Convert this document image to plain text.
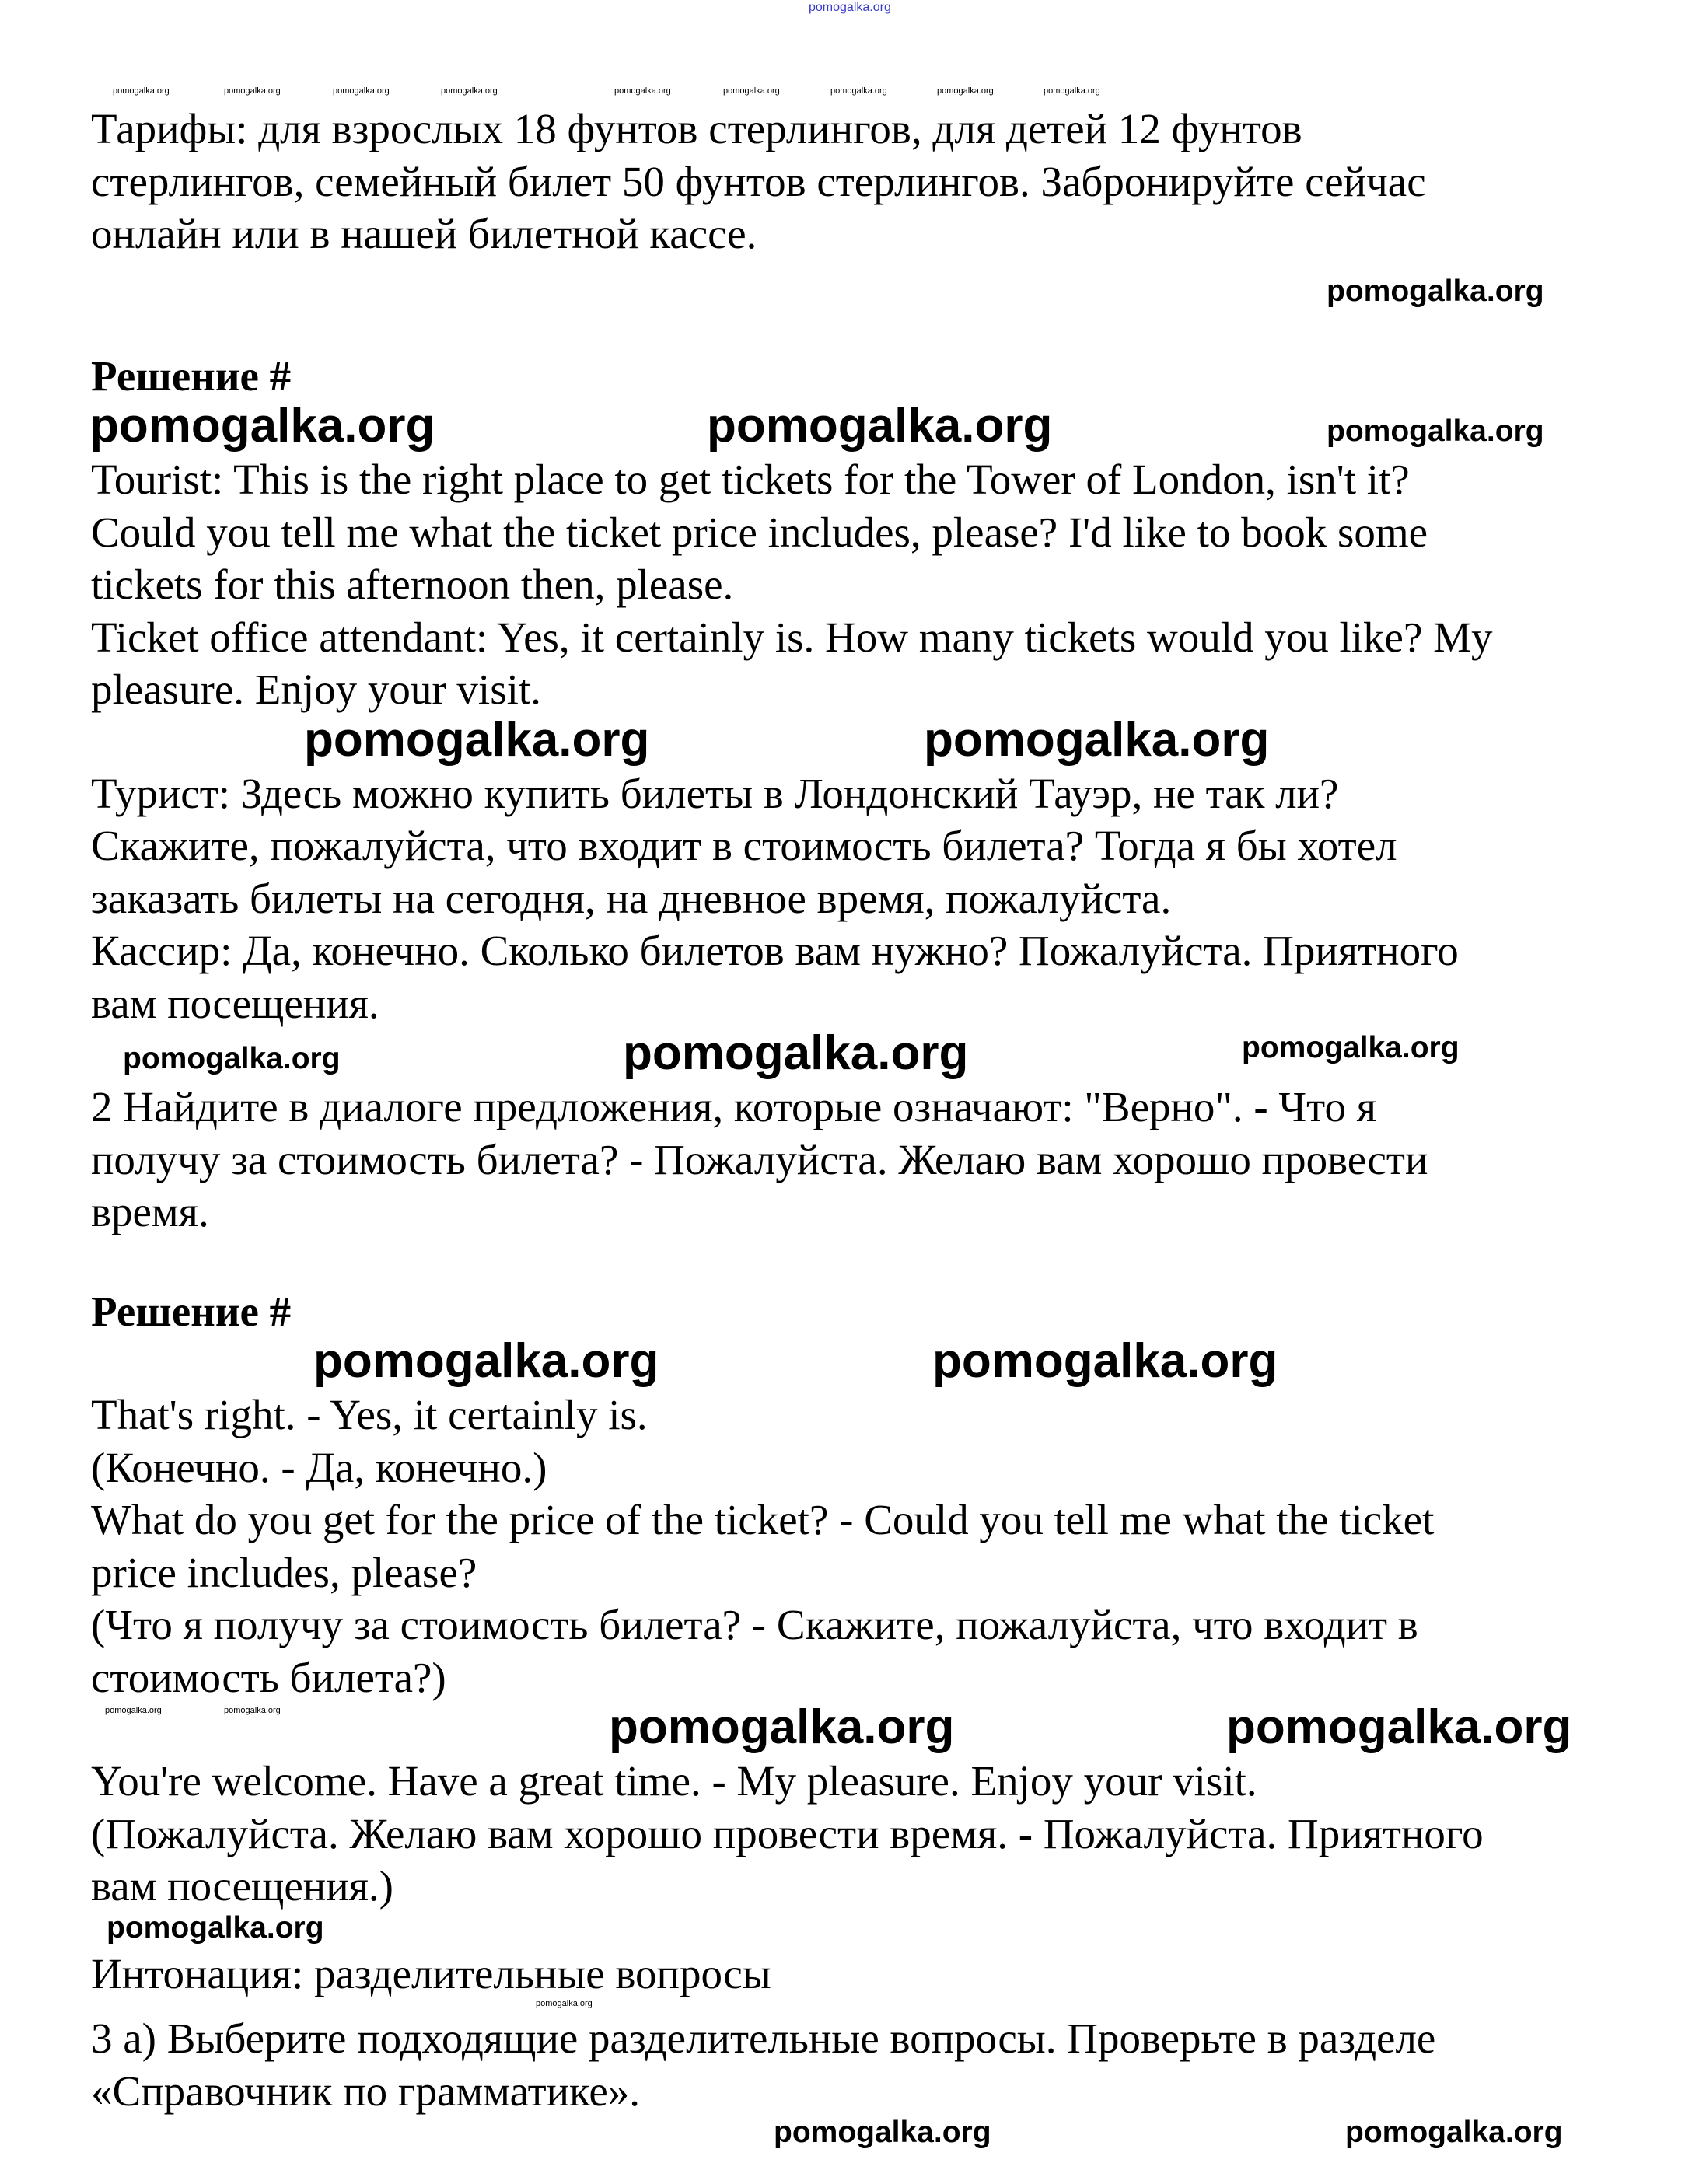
pomogalka.org
pomogalka.org	pomogalka.org	pomogalka.org	pomogalka.org	pomogalka.org	pomogalka.org	pomogalka.org	pomogalka.org	pomogalka.org
Тарифы: для взрослых 18 фунтов стерлингов, для детей 12 фунтов
стерлингов, семейный билет 50 фунтов стерлингов. Забронируйте сейчас
онлайн или в нашей билетной кассе.
pomogalka.org
Решение #
pomogalka.org	pomogalka.org	pomogalka.org
Tourist: This is the right place to get tickets for the Tower of London, isn't it?
Could you tell me what the ticket price includes, please? I'd like to book some
tickets for this afternoon then, please.
Ticket office attendant: Yes, it certainly is. How many tickets would you like? My
pleasure. Enjoy your visit.
pomogalka.org	pomogalka.org
Турист: Здесь можно купить билеты в Лондонский Тауэр, не так ли?
Скажите, пожалуйста, что входит в стоимость билета? Тогда я бы хотел
заказать билеты на сегодня, на дневное время, пожалуйста.
Кассир: Да, конечно. Сколько билетов вам нужно? Пожалуйста. Приятного
вам посещения.
pomogalka.org	pomogalka.org	pomogalka.org
2 Найдите в диалоге предложения, которые означают: "Верно". - Что я
получу за стоимость билета? - Пожалуйста. Желаю вам хорошо провести
время.
Решение #
pomogalka.org	pomogalka.org
That's right. - Yes, it certainly is.
(Конечно. - Да, конечно.)
What do you get for the price of the ticket? - Could you tell me what the ticket
price includes, please?
(Что я получу за стоимость билета? - Скажите, пожалуйста, что входит в
стоимость билета?)
pomogalka.org	pomogalka.org	pomogalka.org	pomogalka.org
You're welcome. Have a great time. - My pleasure. Enjoy your visit.
(Пожалуйста. Желаю вам хорошо провести время. - Пожалуйста. Приятного
вам посещения.)
pomogalka.org
Интонация: разделительные вопросы
pomogalka.org
3 a) Выберите подходящие разделительные вопросы. Проверьте в разделе
«Справочник по грамматике».
pomogalka.org	pomogalka.org
